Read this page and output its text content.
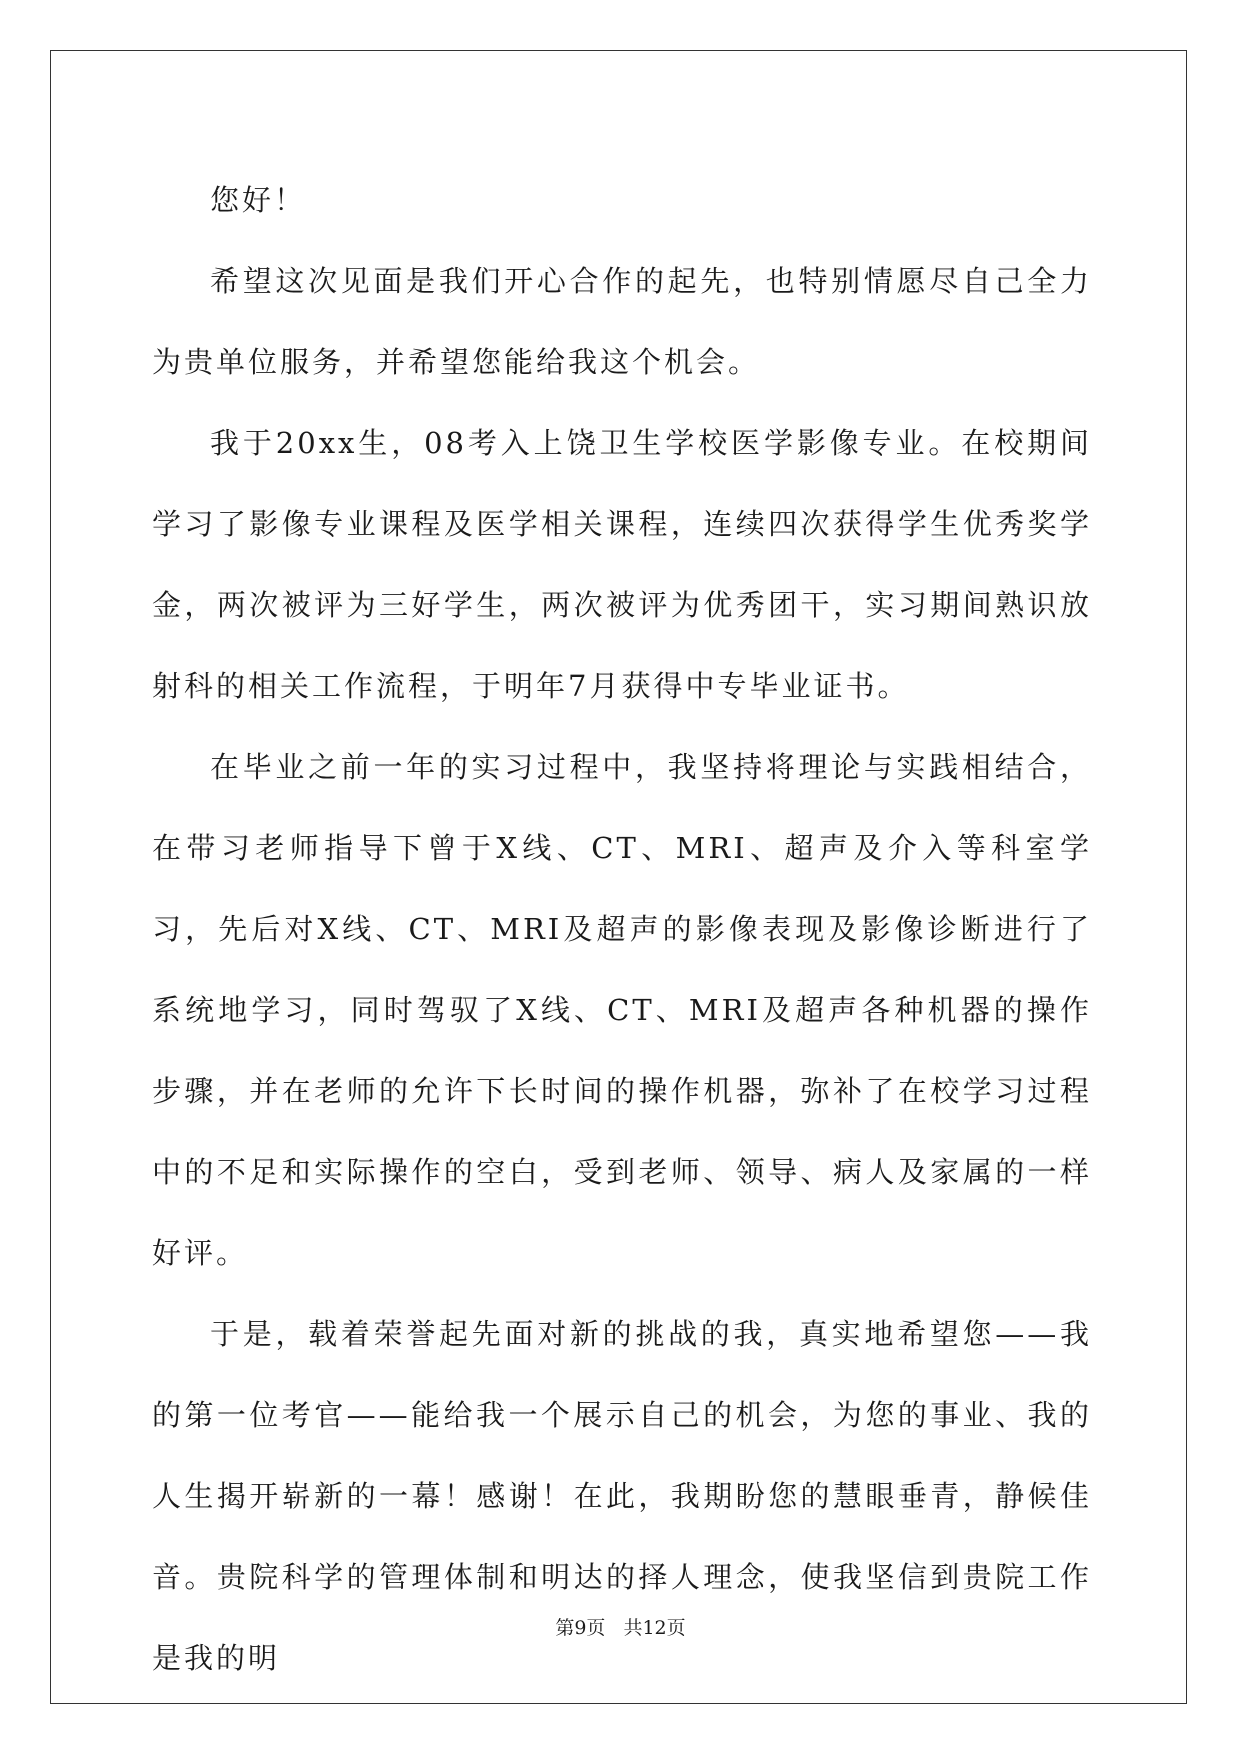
您好！

希望这次见面是我们开心合作的起先，也特别情愿尽自己全力为贵单位服务，并希望您能给我这个机会。

我于20xx生，08考入上饶卫生学校医学影像专业。在校期间学习了影像专业课程及医学相关课程，连续四次获得学生优秀奖学金，两次被评为三好学生，两次被评为优秀团干，实习期间熟识放射科的相关工作流程，于明年7月获得中专毕业证书。

在毕业之前一年的实习过程中，我坚持将理论与实践相结合，在带习老师指导下曾于X线、CT、MRI、超声及介入等科室学习，先后对X线、CT、MRI及超声的影像表现及影像诊断进行了系统地学习，同时驾驭了X线、CT、MRI及超声各种机器的操作步骤，并在老师的允许下长时间的操作机器，弥补了在校学习过程中的不足和实际操作的空白，受到老师、领导、病人及家属的一样好评。

于是，载着荣誉起先面对新的挑战的我，真实地希望您——我的第一位考官——能给我一个展示自己的机会，为您的事业、我的人生揭开崭新的一幕！感谢！在此，我期盼您的慧眼垂青，静候佳音。贵院科学的管理体制和明达的择人理念，使我坚信到贵院工作是我的明

第9页 共12页
